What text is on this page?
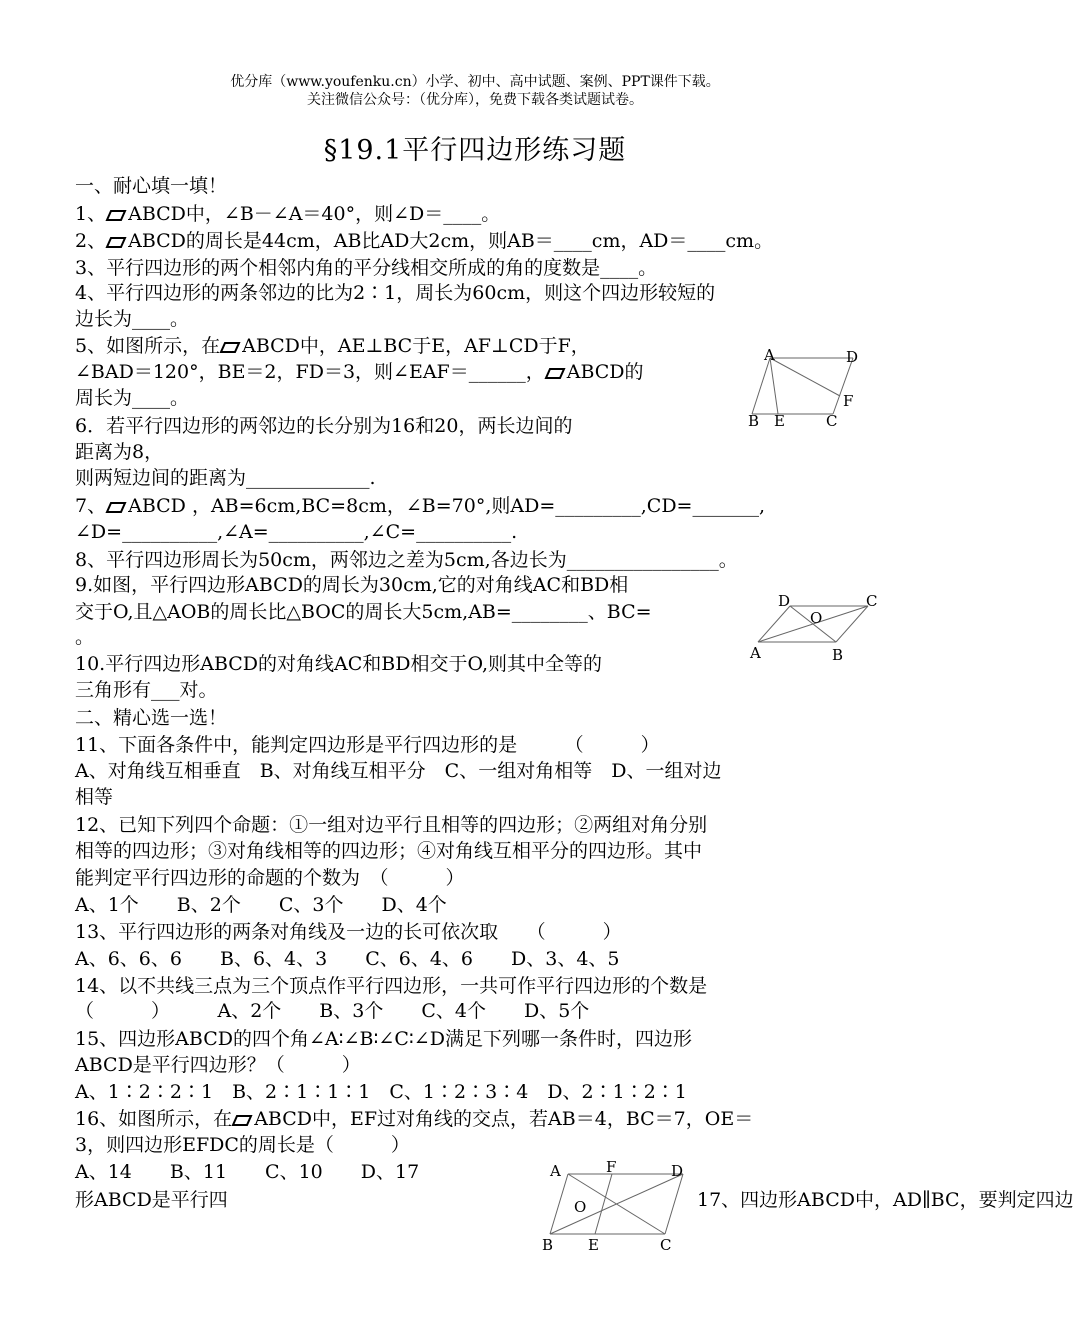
优分库（www.youfenku.cn）小学、初中、高中试题、案例、PPT课件下载。
关注微信公众号：（优分库），免费下载各类试题试卷。
§19.1平行四边形练习题
一、耐心填一填！
1、 ABCD中，∠B－∠A＝40°，则∠D＝____。
2、 ABCD的周长是44cm，AB比AD大2cm，则AB＝____cm，AD＝____cm。
3、平行四边形的两个相邻内角的平分线相交所成的角的度数是____。
4、平行四边形的两条邻边的比为2∶1，周长为60cm，则这个四边形较短的
边长为____。
5、如图所示，在 ABCD中，AE⊥BC于E，AF⊥CD于F，
∠BAD＝120°，BE＝2，FD＝3，则∠EAF＝______， ABCD的
周长为____。
6．若平行四边形的两邻边的长分别为16和20，两长边间的
距离为8，
则两短边间的距离为_____________.
7、 ABCD ，AB=6cm,BC=8cm，∠B=70°,则AD=_________,CD=_______,
∠D=__________,∠A=__________,∠C=__________.
8、平行四边形周长为50cm，两邻边之差为5cm,各边长为________________。
9.如图，平行四边形ABCD的周长为30cm,它的对角线AC和BD相
交于O,且△AOB的周长比△BOC的周长大5cm,AB=________、BC=
。
10.平行四边形ABCD的对角线AC和BD相交于O,则其中全等的
三角形有___对。
二、精心选一选！
11、下面各条件中，能判定四边形是平行四边形的是　　　（　　　）
A、对角线互相垂直　B、对角线互相平分　C、一组对角相等　D、一组对边
相等
12、已知下列四个命题：①一组对边平行且相等的四边形；②两组对角分别
相等的四边形；③对角线相等的四边形；④对角线互相平分的四边形。其中
能判定平行四边形的命题的个数为　（　　　）
A、1个　　B、2个　　C、3个　　D、4个
13、平行四边形的两条对角线及一边的长可依次取　　（　　　）
A、6、6、6　　B、6、4、3　　C、6、4、6　　D、3、4、5
14、以不共线三点为三个顶点作平行四边形，一共可作平行四边形的个数是
（　　　）　　　A、2个　　B、3个　　C、4个　　D、5个
15、四边形ABCD的四个角∠A∶∠B∶∠C∶∠D满足下列哪一条件时，四边形
ABCD是平行四边形？（　　　）
A、1∶2∶2∶1　B、2∶1∶1∶1　C、1∶2∶3∶4　D、2∶1∶2∶1
16、如图所示，在 ABCD中，EF过对角线的交点，若AB＝4，BC＝7，OE＝
3，则四边形EFDC的周长是（　　　）
A、14　　B、11　　C、10　　D、17
17、四边形ABCD中，AD∥BC，要判定四边
形ABCD是平行四
A	D
B E	C
F
D	C
O
A	B
A	F	D
O
B E	C
